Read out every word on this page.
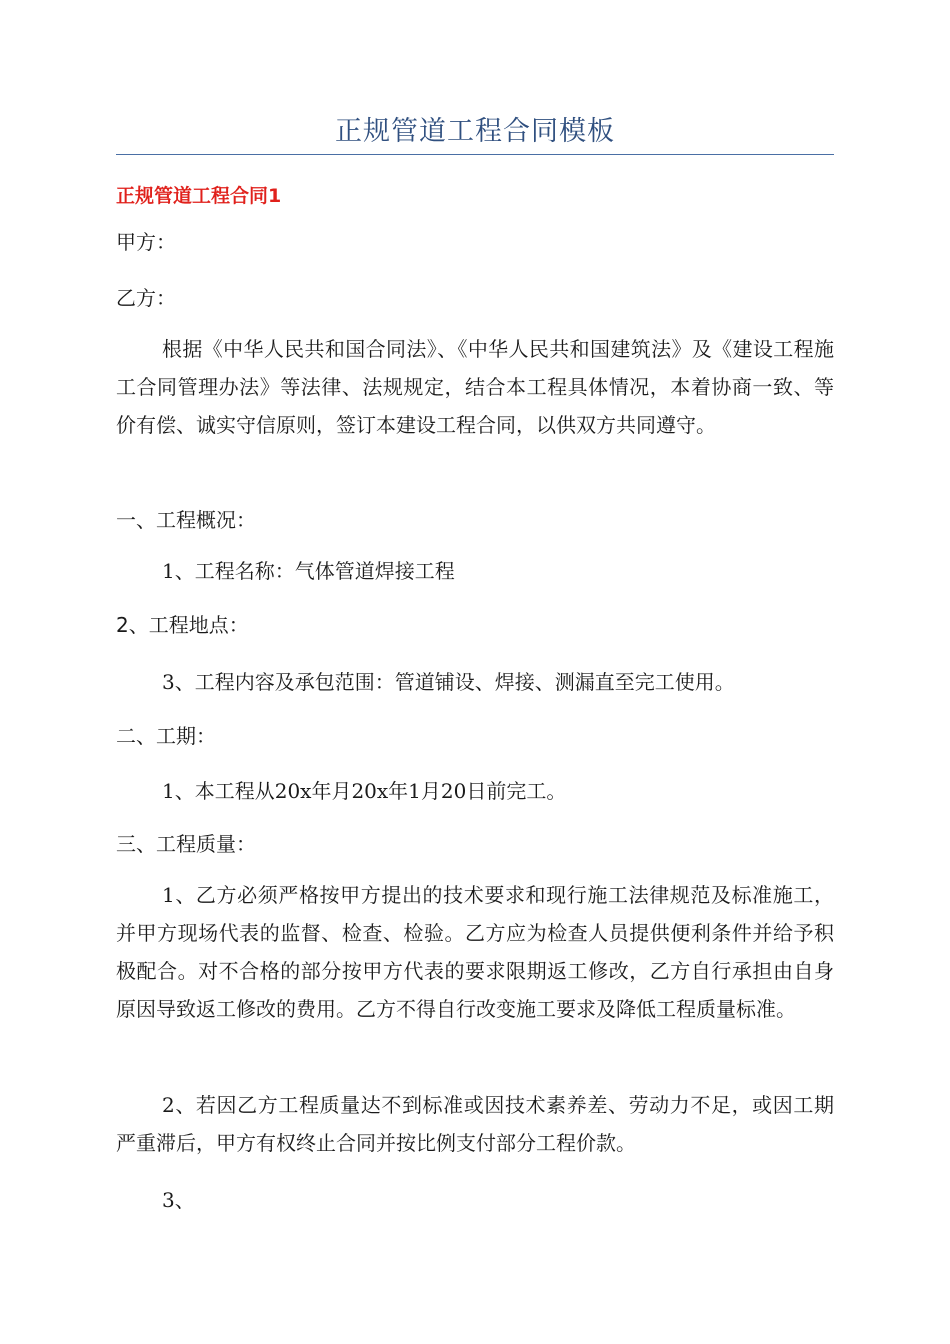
正规管道工程合同模板
正规管道工程合同1
甲方：
乙方：
根据《中华人民共和国合同法》、《中华人民共和国建筑法》及《建设工程施工合同管理办法》等法律、法规规定，结合本工程具体情况，本着协商一致、等价有偿、诚实守信原则，签订本建设工程合同，以供双方共同遵守。
一、工程概况：
1、工程名称：气体管道焊接工程
2、工程地点：
3、工程内容及承包范围：管道铺设、焊接、测漏直至完工使用。
二、工期：
1、本工程从20x年月20x年1月20日前完工。
三、工程质量：
1、乙方必须严格按甲方提出的技术要求和现行施工法律规范及标准施工，并甲方现场代表的监督、检查、检验。乙方应为检查人员提供便利条件并给予积极配合。对不合格的部分按甲方代表的要求限期返工修改，乙方自行承担由自身原因导致返工修改的费用。乙方不得自行改变施工要求及降低工程质量标准。
2、若因乙方工程质量达不到标准或因技术素养差、劳动力不足，或因工期严重滞后，甲方有权终止合同并按比例支付部分工程价款。
3、
